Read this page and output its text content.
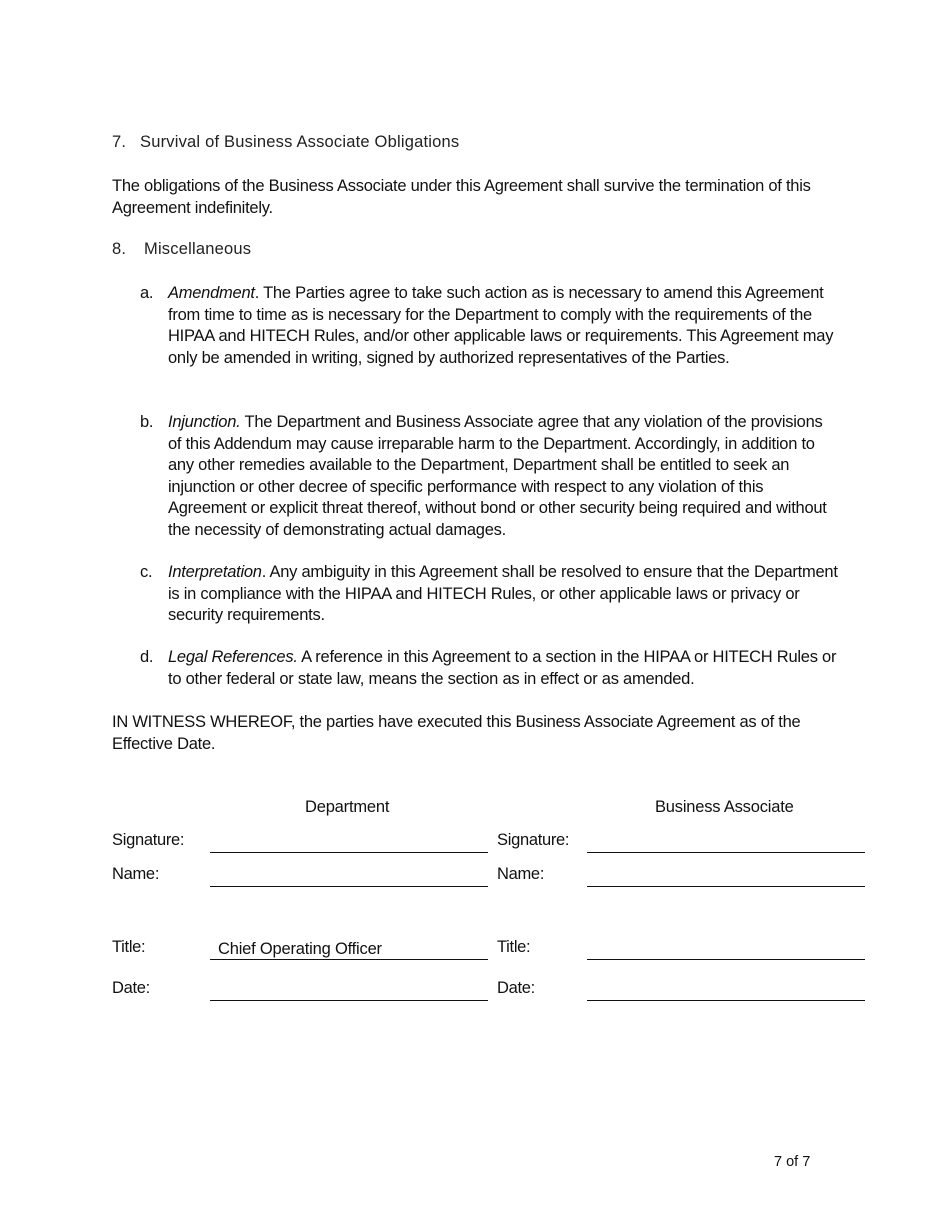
7. Survival of Business Associate Obligations
The obligations of the Business Associate under this Agreement shall survive the termination of this Agreement indefinitely.
8. Miscellaneous
a. Amendment. The Parties agree to take such action as is necessary to amend this Agreement from time to time as is necessary for the Department to comply with the requirements of the HIPAA and HITECH Rules, and/or other applicable laws or requirements. This Agreement may only be amended in writing, signed by authorized representatives of the Parties.
b. Injunction. The Department and Business Associate agree that any violation of the provisions of this Addendum may cause irreparable harm to the Department. Accordingly, in addition to any other remedies available to the Department, Department shall be entitled to seek an injunction or other decree of specific performance with respect to any violation of this Agreement or explicit threat thereof, without bond or other security being required and without the necessity of demonstrating actual damages.
c. Interpretation. Any ambiguity in this Agreement shall be resolved to ensure that the Department is in compliance with the HIPAA and HITECH Rules, or other applicable laws or privacy or security requirements.
d. Legal References. A reference in this Agreement to a section in the HIPAA or HITECH Rules or to other federal or state law, means the section as in effect or as amended.
IN WITNESS WHEREOF, the parties have executed this Business Associate Agreement as of the Effective Date.
Department	Business Associate
Signature:	Signature:
Name:	Name:
Title:	Chief Operating Officer	Title:
Date:	Date:
7 of 7
